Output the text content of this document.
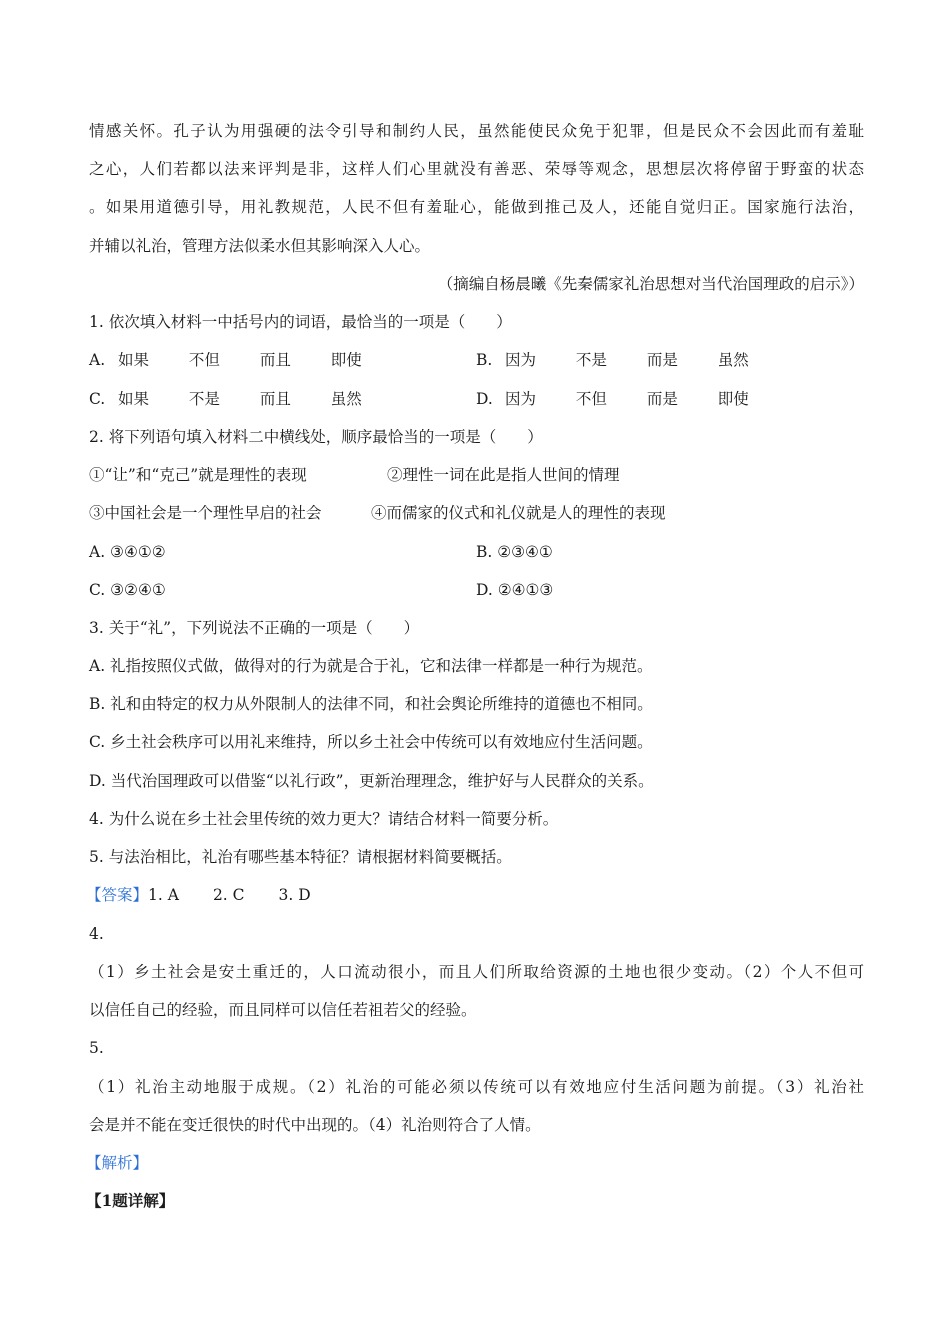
情感关怀。孔子认为用强硬的法令引导和制约人民，虽然能使民众免于犯罪，但是民众不会因此而有羞耻
之心，人们若都以法来评判是非，这样人们心里就没有善恶、荣辱等观念，思想层次将停留于野蛮的状态
。如果用道德引导，用礼教规范，人民不但有羞耻心，能做到推己及人，还能自觉归正。国家施行法治，
并辅以礼治，管理方法似柔水但其影响深入人心。
（摘编自杨晨曦《先秦儒家礼治思想对当代治国理政的启示》）
1. 依次填入材料一中括号内的词语，最恰当的一项是（　　）
A. 如果	不但	而且	即使	B. 因为	不是	而是	虽然
C. 如果	不是	而且	虽然	D. 因为	不但	而是	即使
2. 将下列语句填入材料二中横线处，顺序最恰当的一项是（　　）
①“让”和“克己”就是理性的表现	②理性一词在此是指人世间的情理
③中国社会是一个理性早启的社会	④而儒家的仪式和礼仪就是人的理性的表现
A. ③④①②	B. ②③④①
C. ③②④①	D. ②④①③
3. 关于“礼”，下列说法不正确的一项是（　　）
A. 礼指按照仪式做，做得对的行为就是合于礼，它和法律一样都是一种行为规范。
B. 礼和由特定的权力从外限制人的法律不同，和社会舆论所维持的道德也不相同。
C. 乡土社会秩序可以用礼来维持，所以乡土社会中传统可以有效地应付生活问题。
D. 当代治国理政可以借鉴“以礼行政”，更新治理理念，维护好与人民群众的关系。
4. 为什么说在乡土社会里传统的效力更大？请结合材料一简要分析。
5. 与法治相比，礼治有哪些基本特征？请根据材料简要概括。
【答案】1. A 2. C 3. D
4.
（1）乡土社会是安土重迁的，人口流动很小，而且人们所取给资源的土地也很少变动。（2）个人不但可
以信任自己的经验，而且同样可以信任若祖若父的经验。
5.
（1）礼治主动地服于成规。（2）礼治的可能必须以传统可以有效地应付生活问题为前提。（3）礼治社
会是并不能在变迁很快的时代中出现的。（4）礼治则符合了人情。
【解析】
【1题详解】
